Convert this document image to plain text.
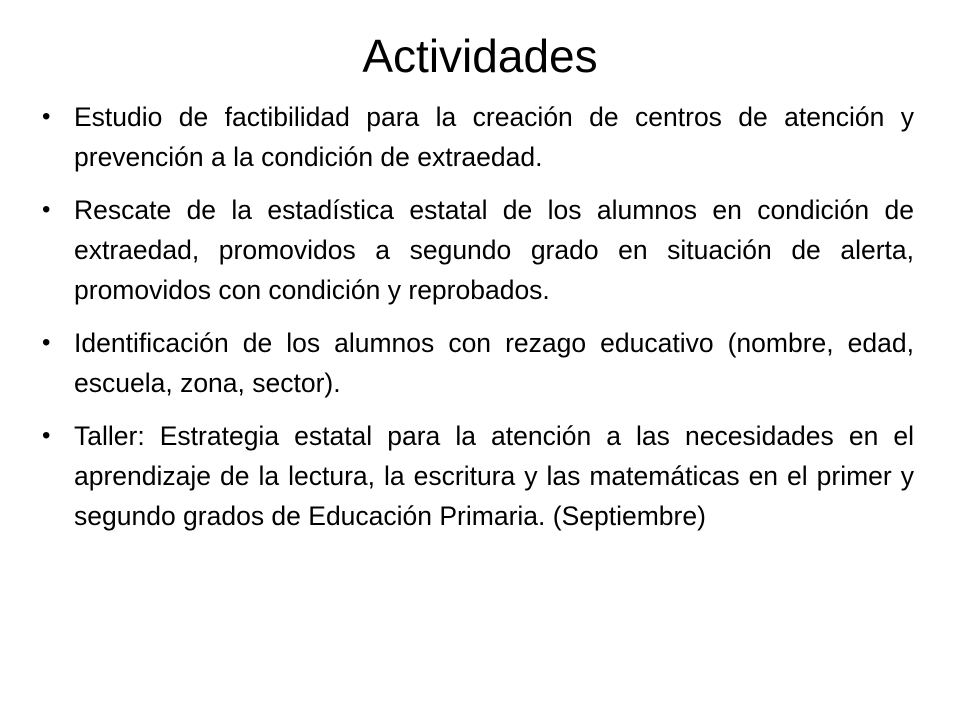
Actividades
• Estudio de factibilidad para la creación de centros de atención y prevención a la condición de extraedad.
• Rescate de la estadística estatal de los alumnos en condición de extraedad, promovidos a segundo grado en situación de alerta, promovidos con condición y reprobados.
• Identificación de los alumnos con rezago educativo (nombre, edad, escuela, zona, sector).
• Taller: Estrategia estatal para la atención a las necesidades en el aprendizaje de la lectura, la escritura y las matemáticas en el primer y segundo grados de Educación Primaria. (Septiembre)
